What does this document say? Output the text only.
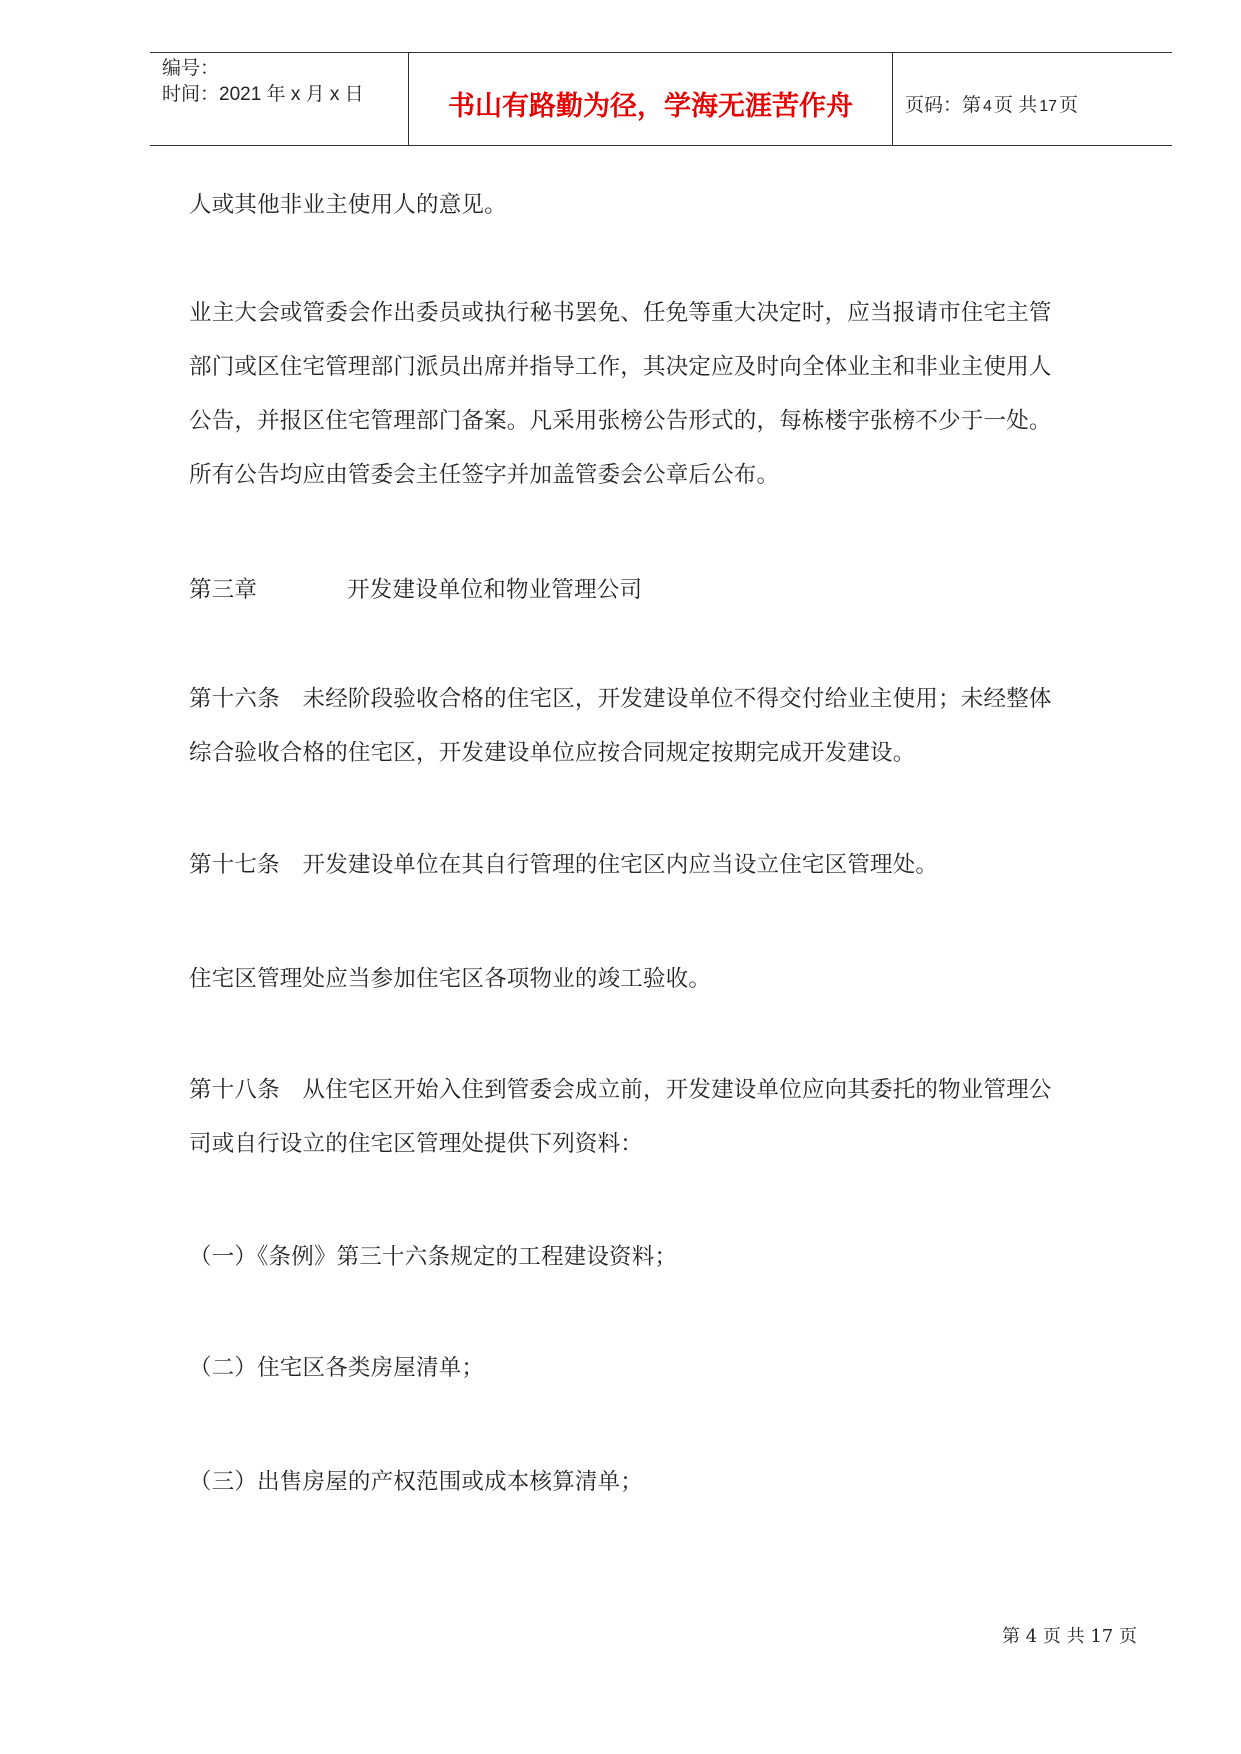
编号：
时间：2021 年 x 月 x 日	书山有路勤为径，学海无涯苦作舟	页码：第 4 页 共 17 页

人或其他非业主使用人的意见。

业主大会或管委会作出委员或执行秘书罢免、任免等重大决定时，应当报请市住宅主管
部门或区住宅管理部门派员出席并指导工作，其决定应及时向全体业主和非业主使用人
公告，并报区住宅管理部门备案。凡采用张榜公告形式的，每栋楼宇张榜不少于一处。
所有公告均应由管委会主任签字并加盖管委会公章后公布。

第三章	开发建设单位和物业管理公司

第十六条　未经阶段验收合格的住宅区，开发建设单位不得交付给业主使用；未经整体
综合验收合格的住宅区，开发建设单位应按合同规定按期完成开发建设。

第十七条　开发建设单位在其自行管理的住宅区内应当设立住宅区管理处。

住宅区管理处应当参加住宅区各项物业的竣工验收。

第十八条　从住宅区开始入住到管委会成立前，开发建设单位应向其委托的物业管理公
司或自行设立的住宅区管理处提供下列资料：

（一）《条例》第三十六条规定的工程建设资料；

（二）住宅区各类房屋清单；

（三）出售房屋的产权范围或成本核算清单；

第 4 页 共 17 页
